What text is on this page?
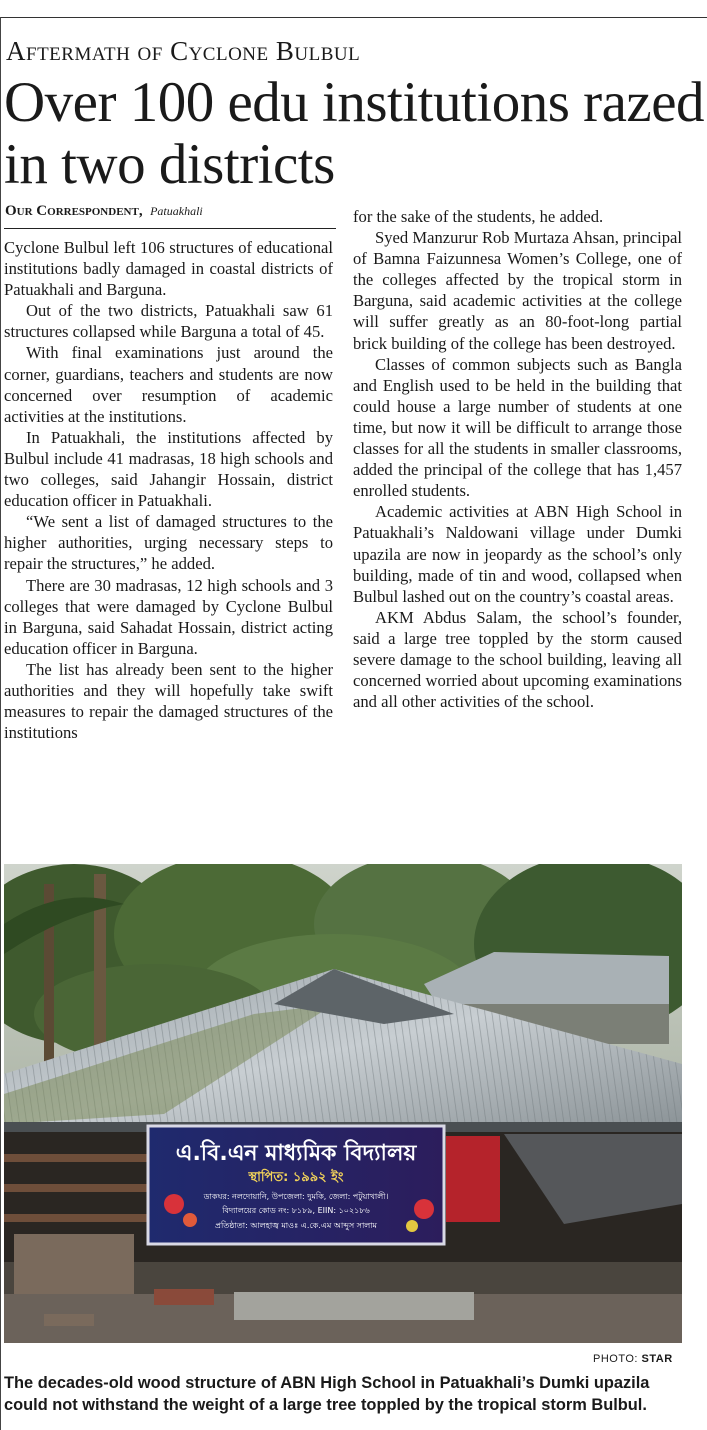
Aftermath of Cyclone Bulbul
Over 100 edu institutions razed in two districts
Our Correspondent, Patuakhali

Cyclone Bulbul left 106 structures of educational institutions badly damaged in coastal districts of Patuakhali and Barguna.

Out of the two districts, Patuakhali saw 61 structures collapsed while Barguna a total of 45.

With final examinations just around the corner, guardians, teachers and students are now concerned over resumption of academic activities at the institutions.

In Patuakhali, the institutions affected by Bulbul include 41 madrasas, 18 high schools and two colleges, said Jahangir Hossain, district education officer in Patuakhali.

“We sent a list of damaged structures to the higher authorities, urging necessary steps to repair the structures,” he added.

There are 30 madrasas, 12 high schools and 3 colleges that were damaged by Cyclone Bulbul in Barguna, said Sahadat Hossain, district acting education officer in Barguna.

The list has already been sent to the higher authorities and they will hopefully take swift measures to repair the damaged structures of the institutions

for the sake of the students, he added.

Syed Manzurur Rob Murtaza Ahsan, principal of Bamna Faizunnesa Women’s College, one of the colleges affected by the tropical storm in Barguna, said academic activities at the college will suffer greatly as an 80-foot-long partial brick building of the college has been destroyed.

Classes of common subjects such as Bangla and English used to be held in the building that could house a large number of students at one time, but now it will be difficult to arrange those classes for all the students in smaller classrooms, added the principal of the college that has 1,457 enrolled students.

Academic activities at ABN High School in Patuakhali’s Naldowani village under Dumki upazila are now in jeopardy as the school’s only building, made of tin and wood, collapsed when Bulbul lashed out on the country’s coastal areas.

AKM Abdus Salam, the school’s founder, said a large tree toppled by the storm caused severe damage to the school building, leaving all concerned worried about upcoming examinations and all other activities of the school.

এ.বি.এন মাধ্যমিক বিদ্যালয়
স্থাপিত: ১৯৯২ ইং
ডাকঘর: নলদোয়ানি, উপজেলা: দুমকি, জেলা: পটুয়াখালী।
বিদ্যালয়ের কোড নং: ৮১৮৯, EIIN: ১০২১৮৬
প্রতিষ্ঠাতা: আলহাজ্ব মাওঃ এ.কে.এম আব্দুস সালাম
PHOTO: STAR
The decades-old wood structure of ABN High School in Patuakhali’s Dumki upazila could not withstand the weight of a large tree toppled by the tropical storm Bulbul.
